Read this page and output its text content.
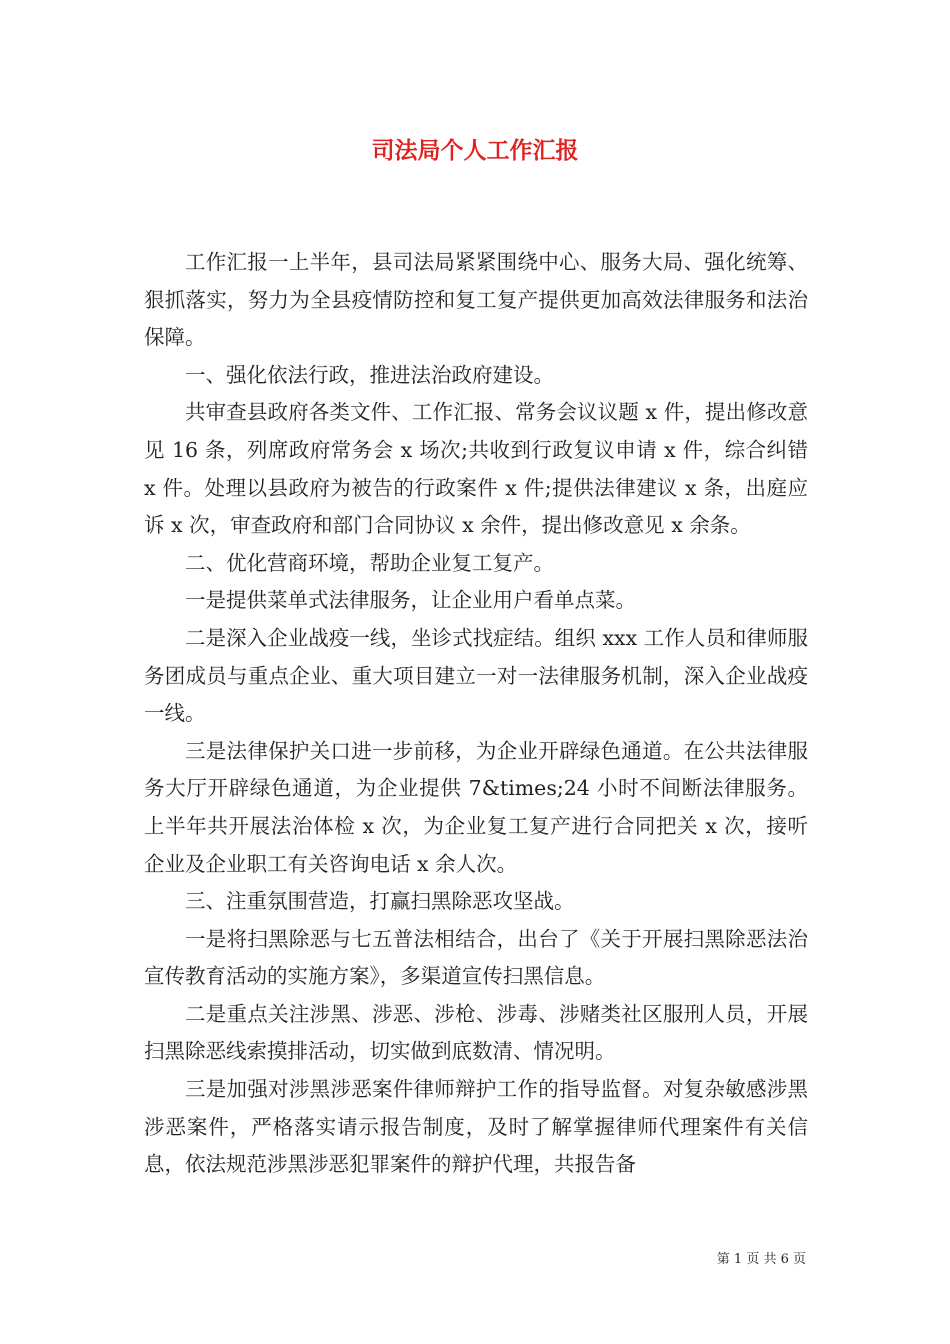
司法局个人工作汇报

工作汇报一上半年，县司法局紧紧围绕中心、服务大局、强化统筹、狠抓落实，努力为全县疫情防控和复工复产提供更加高效法律服务和法治保障。

一、强化依法行政，推进法治政府建设。

共审查县政府各类文件、工作汇报、常务会议议题 x 件，提出修改意见 16 条，列席政府常务会 x 场次;共收到行政复议申请 x 件，综合纠错 x 件。处理以县政府为被告的行政案件 x 件;提供法律建议 x 条，出庭应诉 x 次，审查政府和部门合同协议 x 余件，提出修改意见 x 余条。

二、优化营商环境，帮助企业复工复产。

一是提供菜单式法律服务，让企业用户看单点菜。

二是深入企业战疫一线，坐诊式找症结。组织 xxx 工作人员和律师服务团成员与重点企业、重大项目建立一对一法律服务机制，深入企业战疫一线。

三是法律保护关口进一步前移，为企业开辟绿色通道。在公共法律服务大厅开辟绿色通道，为企业提供 7&times;24 小时不间断法律服务。上半年共开展法治体检 x 次，为企业复工复产进行合同把关 x 次，接听企业及企业职工有关咨询电话 x 余人次。

三、注重氛围营造，打赢扫黑除恶攻坚战。

一是将扫黑除恶与七五普法相结合，出台了《关于开展扫黑除恶法治宣传教育活动的实施方案》，多渠道宣传扫黑信息。

二是重点关注涉黑、涉恶、涉枪、涉毒、涉赌类社区服刑人员，开展扫黑除恶线索摸排活动，切实做到底数清、情况明。

三是加强对涉黑涉恶案件律师辩护工作的指导监督。对复杂敏感涉黑涉恶案件，严格落实请示报告制度，及时了解掌握律师代理案件有关信息，依法规范涉黑涉恶犯罪案件的辩护代理，共报告备

第 1 页 共 6 页
